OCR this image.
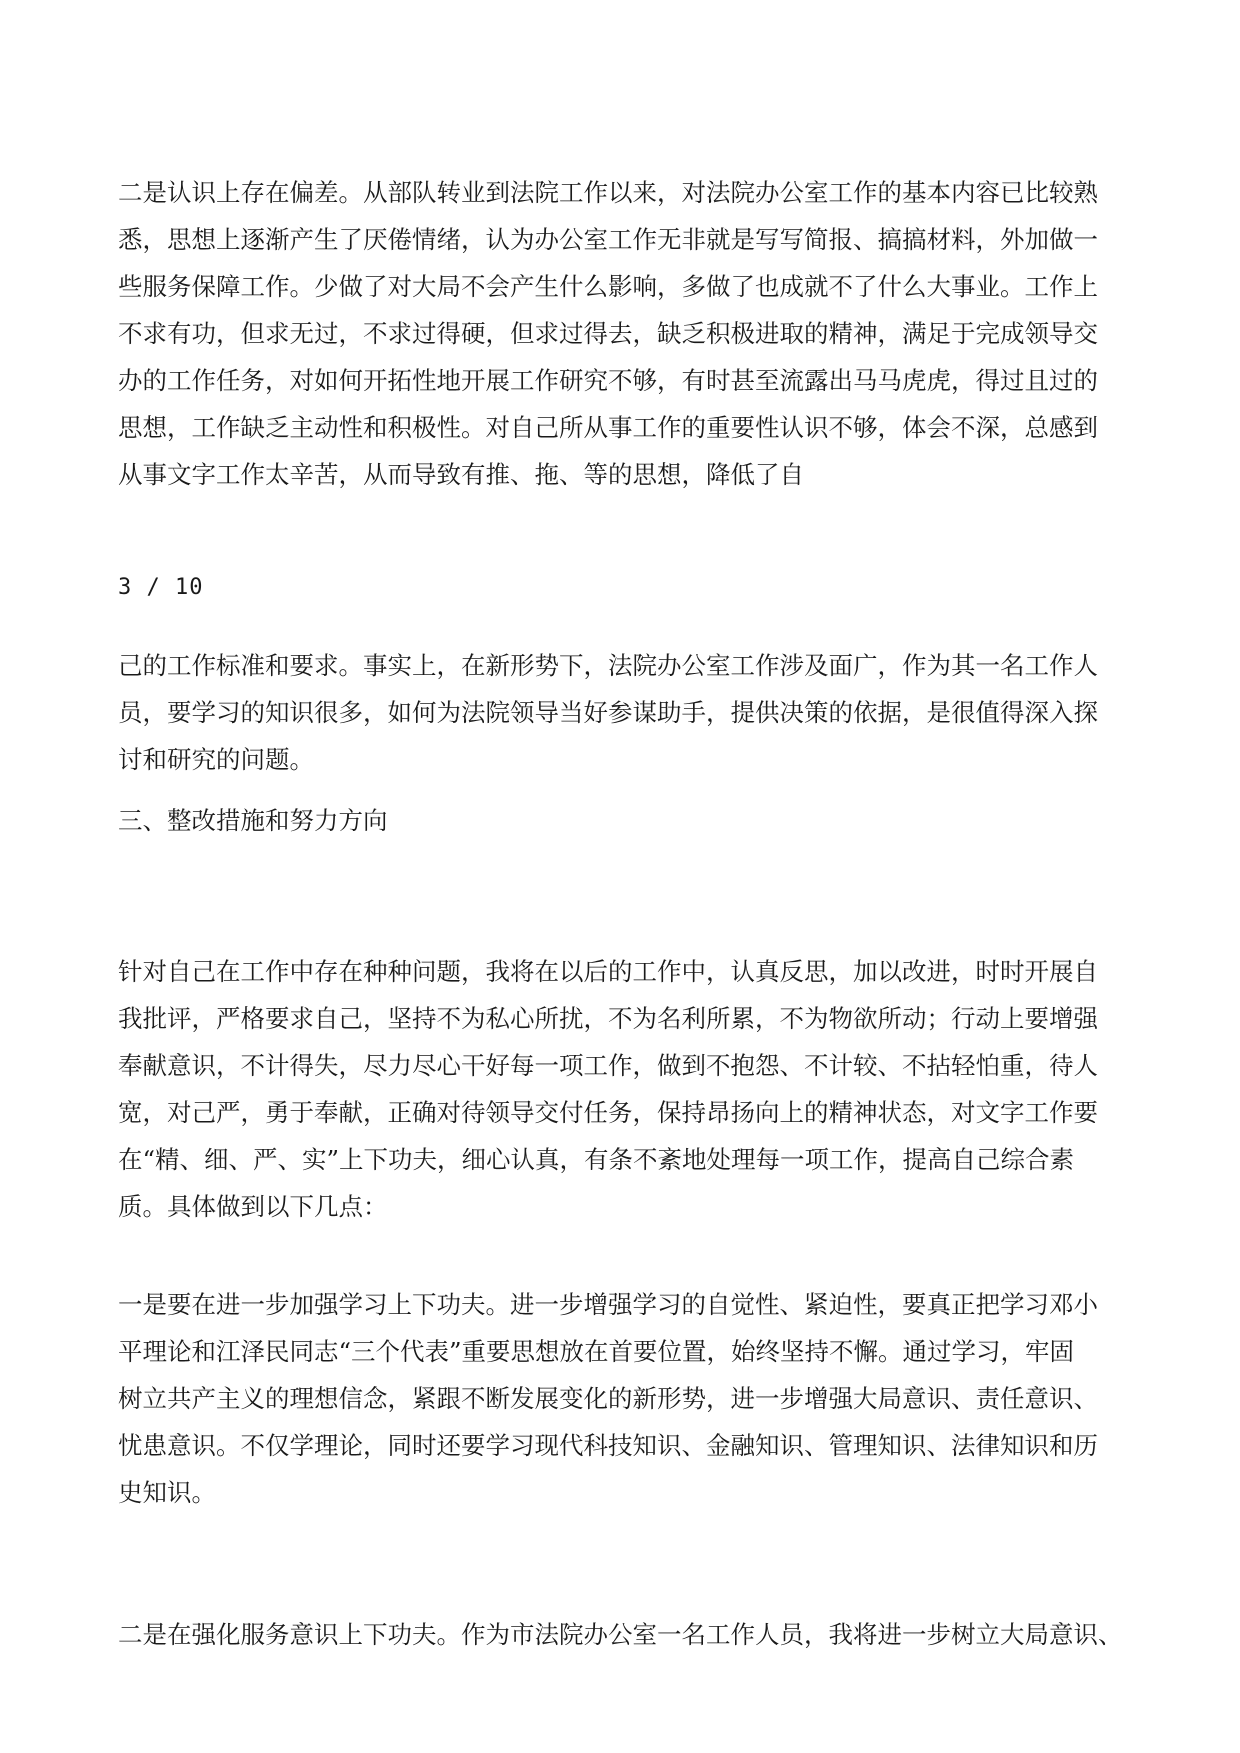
二是认识上存在偏差。从部队转业到法院工作以来，对法院办公室工作的基本内容已比较熟
悉，思想上逐渐产生了厌倦情绪，认为办公室工作无非就是写写简报、搞搞材料，外加做一
些服务保障工作。少做了对大局不会产生什么影响，多做了也成就不了什么大事业。工作上
不求有功，但求无过，不求过得硬，但求过得去，缺乏积极进取的精神，满足于完成领导交
办的工作任务，对如何开拓性地开展工作研究不够，有时甚至流露出马马虎虎，得过且过的
思想，工作缺乏主动性和积极性。对自己所从事工作的重要性认识不够，体会不深，总感到
从事文字工作太辛苦，从而导致有推、拖、等的思想，降低了自
3 / 10
己的工作标准和要求。事实上，在新形势下，法院办公室工作涉及面广，作为其一名工作人
员，要学习的知识很多，如何为法院领导当好参谋助手，提供决策的依据，是很值得深入探
讨和研究的问题。
三、整改措施和努力方向
针对自己在工作中存在种种问题，我将在以后的工作中，认真反思，加以改进，时时开展自
我批评，严格要求自己，坚持不为私心所扰，不为名利所累，不为物欲所动；行动上要增强
奉献意识，不计得失，尽力尽心干好每一项工作，做到不抱怨、不计较、不拈轻怕重，待人
宽，对己严，勇于奉献，正确对待领导交付任务，保持昂扬向上的精神状态，对文字工作要
在“精、细、严、实”上下功夫，细心认真，有条不紊地处理每一项工作，提高自己综合素
质。具体做到以下几点：
一是要在进一步加强学习上下功夫。进一步增强学习的自觉性、紧迫性，要真正把学习邓小
平理论和江泽民同志“三个代表”重要思想放在首要位置，始终坚持不懈。通过学习，牢固
树立共产主义的理想信念，紧跟不断发展变化的新形势，进一步增强大局意识、责任意识、
忧患意识。不仅学理论，同时还要学习现代科技知识、金融知识、管理知识、法律知识和历
史知识。
二是在强化服务意识上下功夫。作为市法院办公室一名工作人员，我将进一步树立大局意识、
